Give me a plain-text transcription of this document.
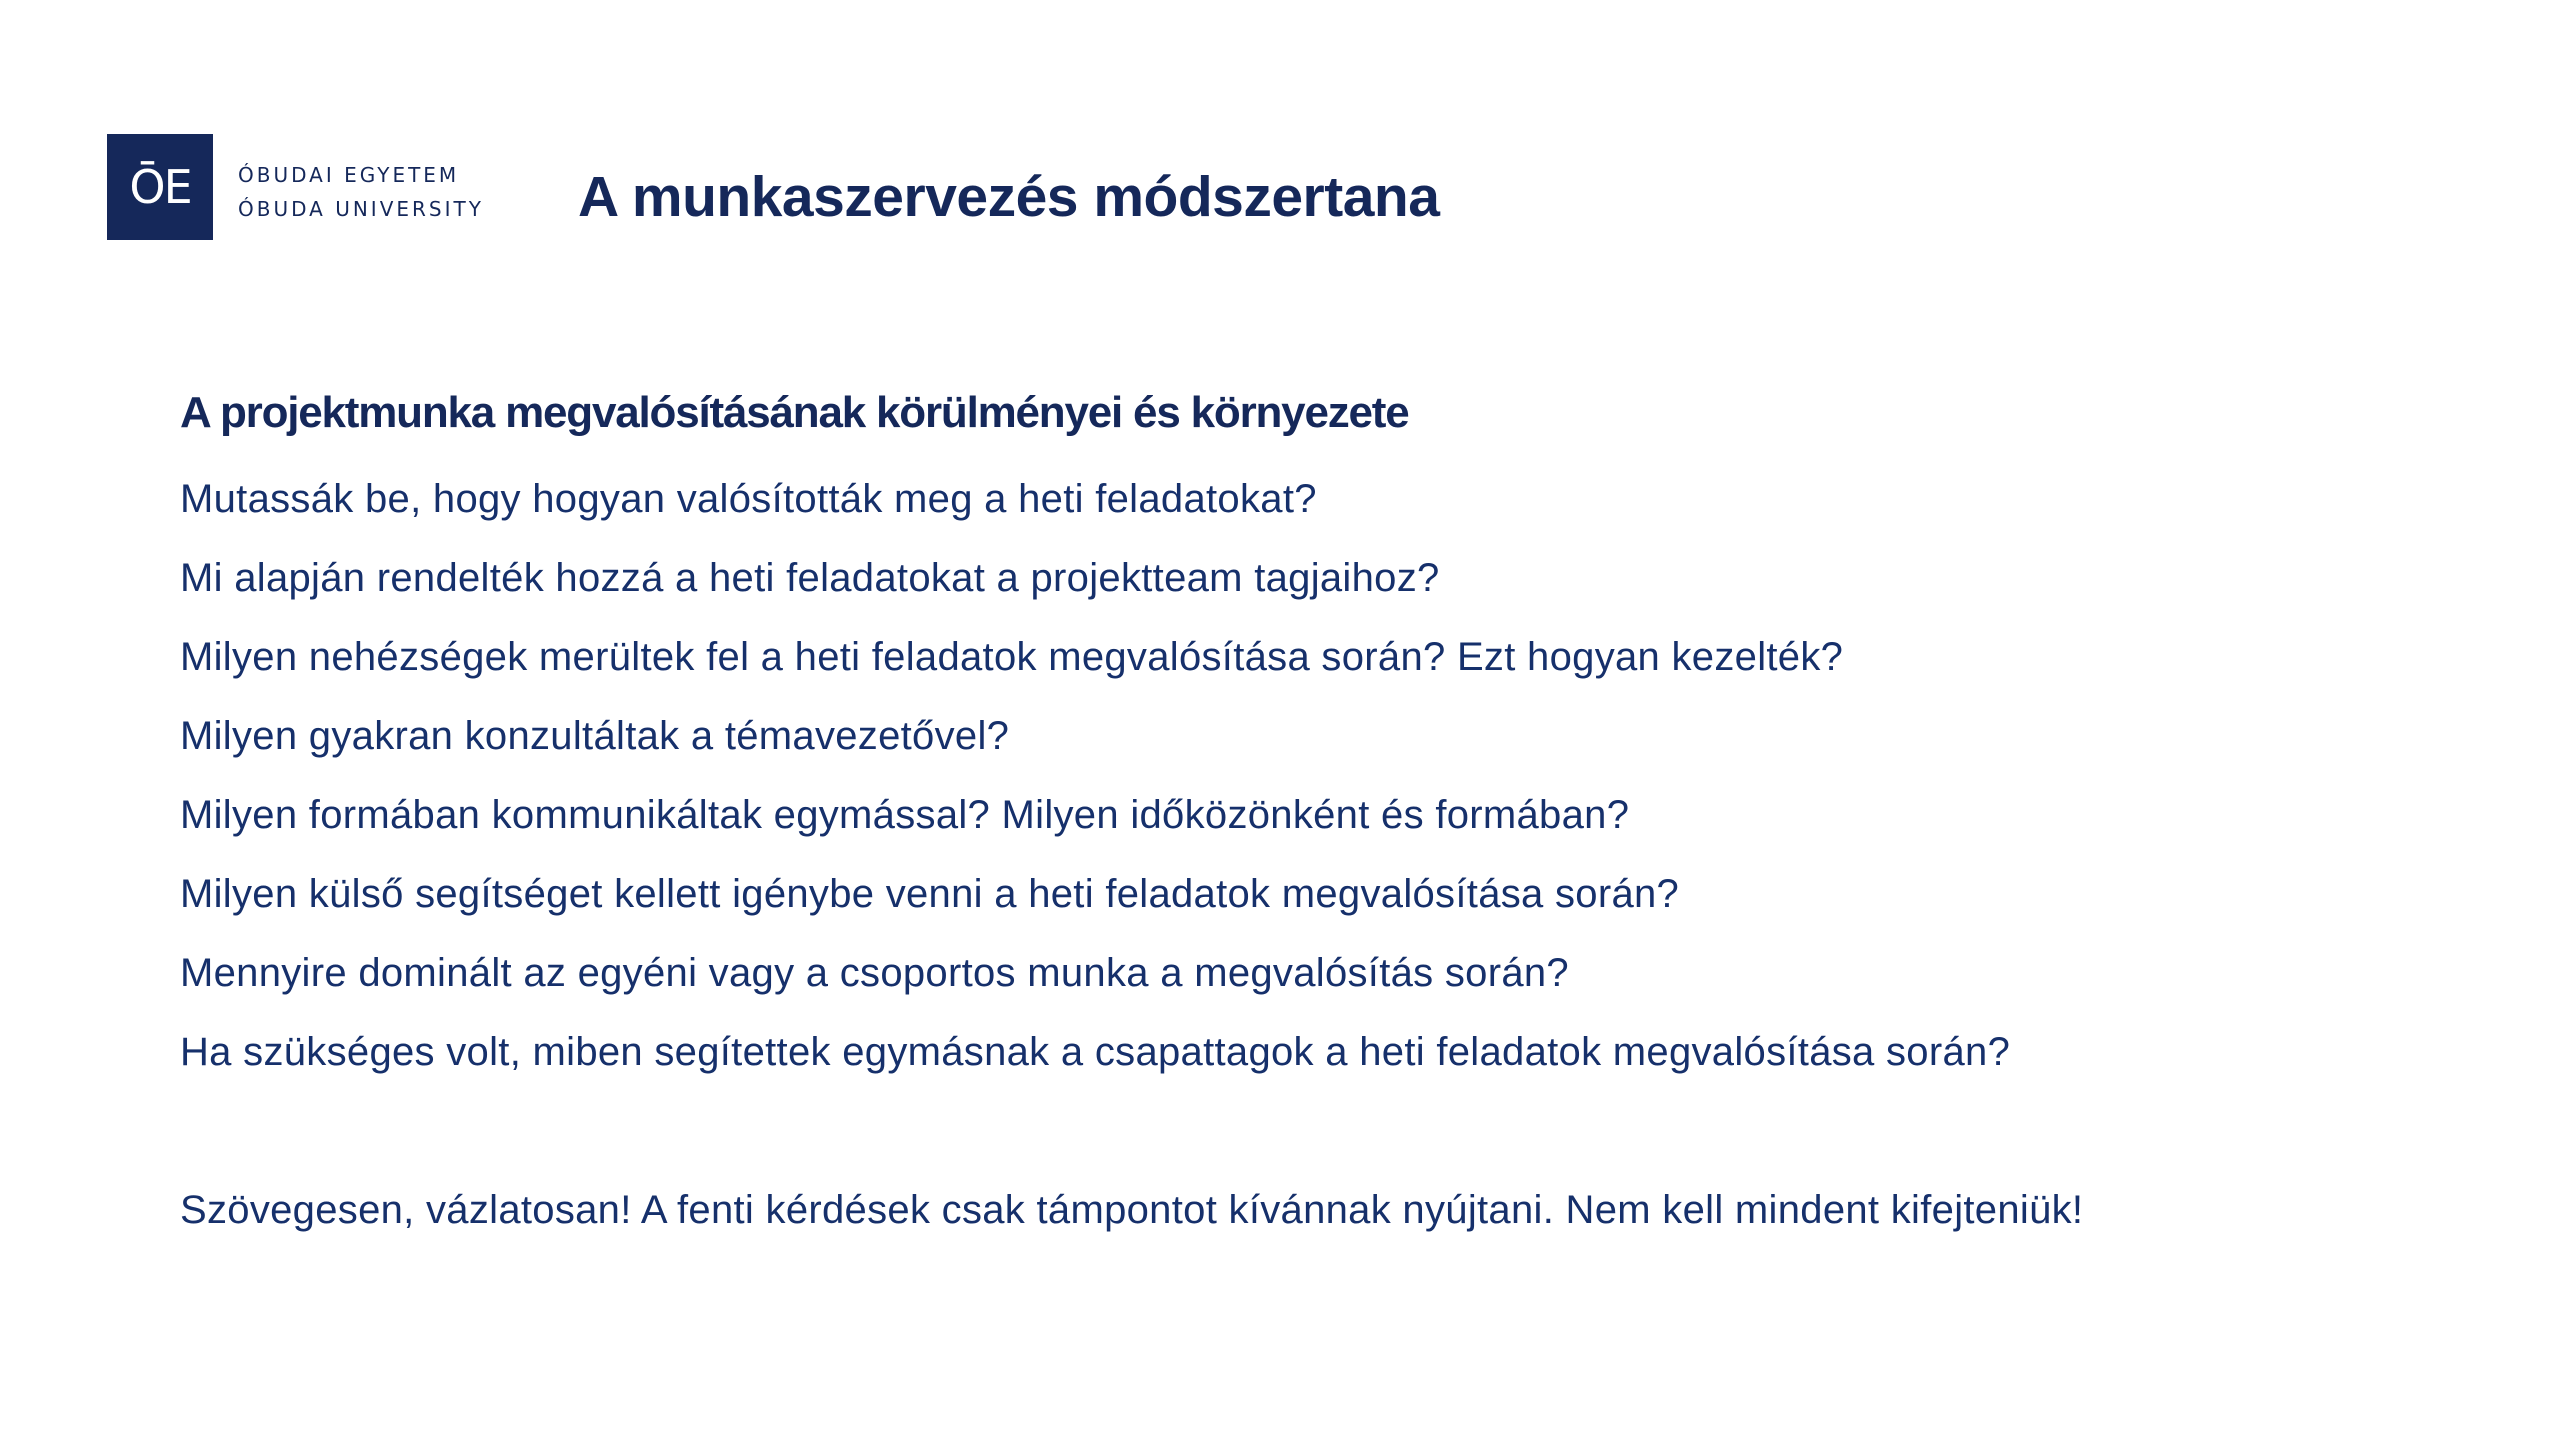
ŌE ÓBUDAI EGYETEM
ÓBUDA UNIVERSITY A munkaszervezés módszertana
A projektmunka megvalósításának körülményei és környezete
Mutassák be, hogy hogyan valósították meg a heti feladatokat?
Mi alapján rendelték hozzá a heti feladatokat a projektteam tagjaihoz?
Milyen nehézségek merültek fel a heti feladatok megvalósítása során? Ezt hogyan kezelték?
Milyen gyakran konzultáltak a témavezetővel?
Milyen formában kommunikáltak egymással? Milyen időközönként és formában?
Milyen külső segítséget kellett igénybe venni a heti feladatok megvalósítása során?
Mennyire dominált az egyéni vagy a csoportos munka a megvalósítás során?
Ha szükséges volt, miben segítettek egymásnak a csapattagok a heti feladatok megvalósítása során?
Szövegesen, vázlatosan! A fenti kérdések csak támpontot kívánnak nyújtani. Nem kell mindent kifejteniük!
